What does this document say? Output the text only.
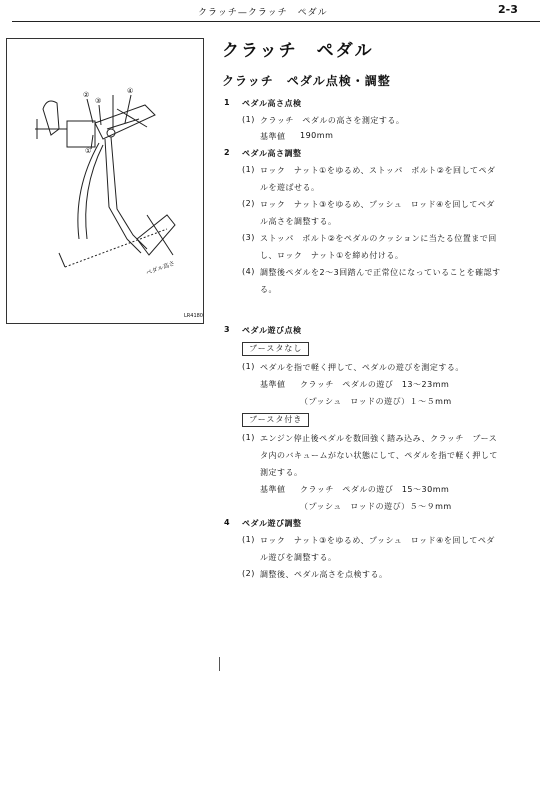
クラッチ—クラッチ　ペダル	2-3
②
③
①
④
ペダル高さ
LR4180
クラッチ　ペダル
クラッチ　ペダル点検・調整
1 ペダル高さ点検
(1) クラッチ　ペダルの高さを測定する。
基準値 190mm
2 ペダル高さ調整
(1) ロック　ナット①をゆるめ、ストッパ　ボルト②を回してペダ
ルを遊ばせる。
(2) ロック　ナット③をゆるめ、プッシュ　ロッド④を回してペダ
ル高さを調整する。
(3) ストッパ　ボルト②をペダルのクッションに当たる位置まで回
し、ロック　ナット①を締め付ける。
(4) 調整後ペダルを2～3回踏んで正常位になっていることを確認す
る。
3 ペダル遊び点検
ブースタなし
(1) ペダルを指で軽く押して、ペダルの遊びを測定する。
基準値 クラッチ　ペダルの遊び　13～23mm
（プッシュ　ロッドの遊び）１～５mm
ブースタ付き
(1) エンジン停止後ペダルを数回強く踏み込み、クラッチ　ブース
タ内のバキュームがない状態にして、ペダルを指で軽く押して
測定する。
基準値 クラッチ　ペダルの遊び　15～30mm
（プッシュ　ロッドの遊び）５～９mm
4 ペダル遊び調整
(1) ロック　ナット③をゆるめ、プッシュ　ロッド④を回してペダ
ル遊びを調整する。
(2) 調整後、ペダル高さを点検する。
